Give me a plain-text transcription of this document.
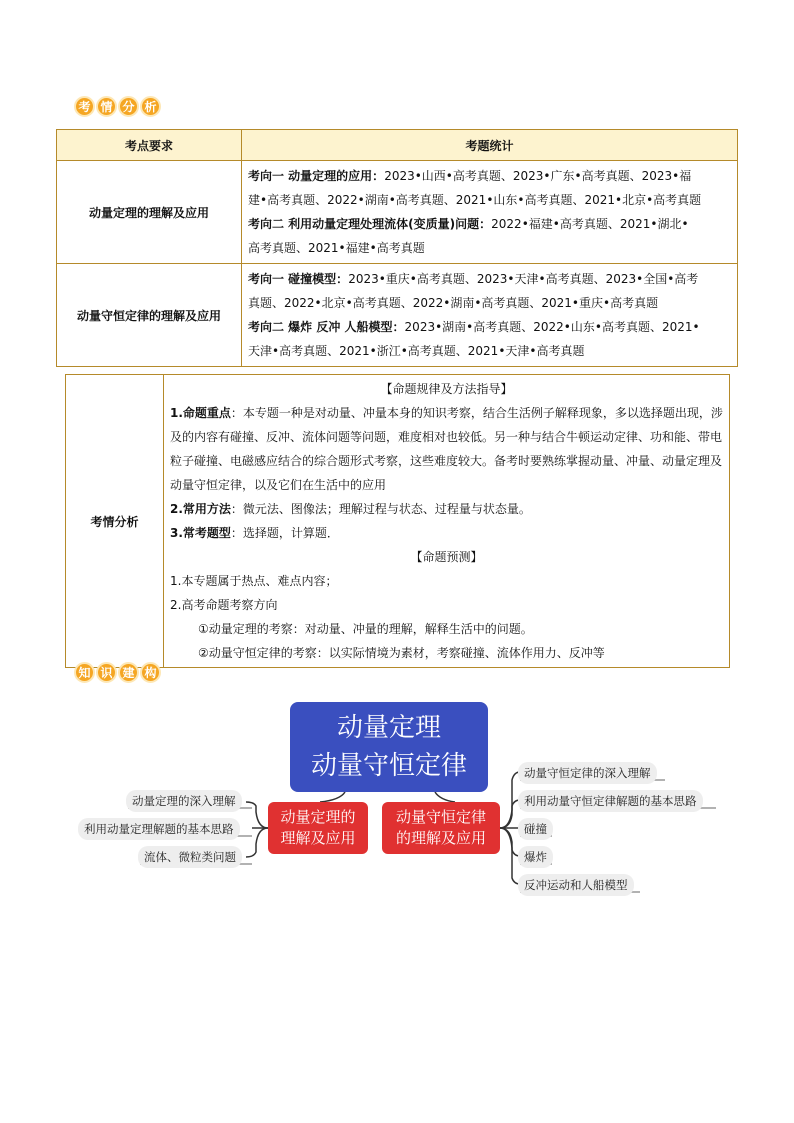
考 情 分 析
考点要求	考题统计
动量定理的理解及应用	考向一 动量定理的应用：2023•山西•高考真题、2023•广东•高考真题、2023•福
建•高考真题、2022•湖南•高考真题、2021•山东•高考真题、2021•北京•高考真题
考向二 利用动量定理处理流体(变质量)问题：2022•福建•高考真题、2021•湖北•
高考真题、2021•福建•高考真题

动量守恒定律的理解及应用	考向一 碰撞模型：2023•重庆•高考真题、2023•天津•高考真题、2023•全国•高考
真题、2022•北京•高考真题、2022•湖南•高考真题、2021•重庆•高考真题
考向二 爆炸 反冲 人船模型：2023•湖南•高考真题、2022•山东•高考真题、2021•
天津•高考真题、2021•浙江•高考真题、2021•天津•高考真题
考情分析	
【命题规律及方法指导】
1.命题重点：本专题一种是对动量、冲量本身的知识考察，结合生活例子解释现象，多以选择题出现，涉及的内容有碰撞、反冲、流体问题等问题，难度相对也较低。另一种与结合牛顿运动定律、功和能、带电粒子碰撞、电磁感应结合的综合题形式考察，这些难度较大。备考时要熟练掌握动量、冲量、动量定理及动量守恒定律，以及它们在生活中的应用
2.常用方法：微元法、图像法；理解过程与状态、过程量与状态量。
3.常考题型：选择题，计算题．
【命题预测】
1.本专题属于热点、难点内容；
2.高考命题考察方向
①动量定理的考察：对动量、冲量的理解，解释生活中的问题。
②动量守恒定律的考察：以实际情境为素材，考察碰撞、流体作用力、反冲等
知 识 建 构
动量定理
动量守恒定律
动量定理的
理解及应用
动量守恒定律
的理解及应用
动量定理的深入理解
利用动量定理解题的基本思路
流体、微粒类问题
动量守恒定律的深入理解
利用动量守恒定律解题的基本思路
碰撞
爆炸
反冲运动和人船模型
